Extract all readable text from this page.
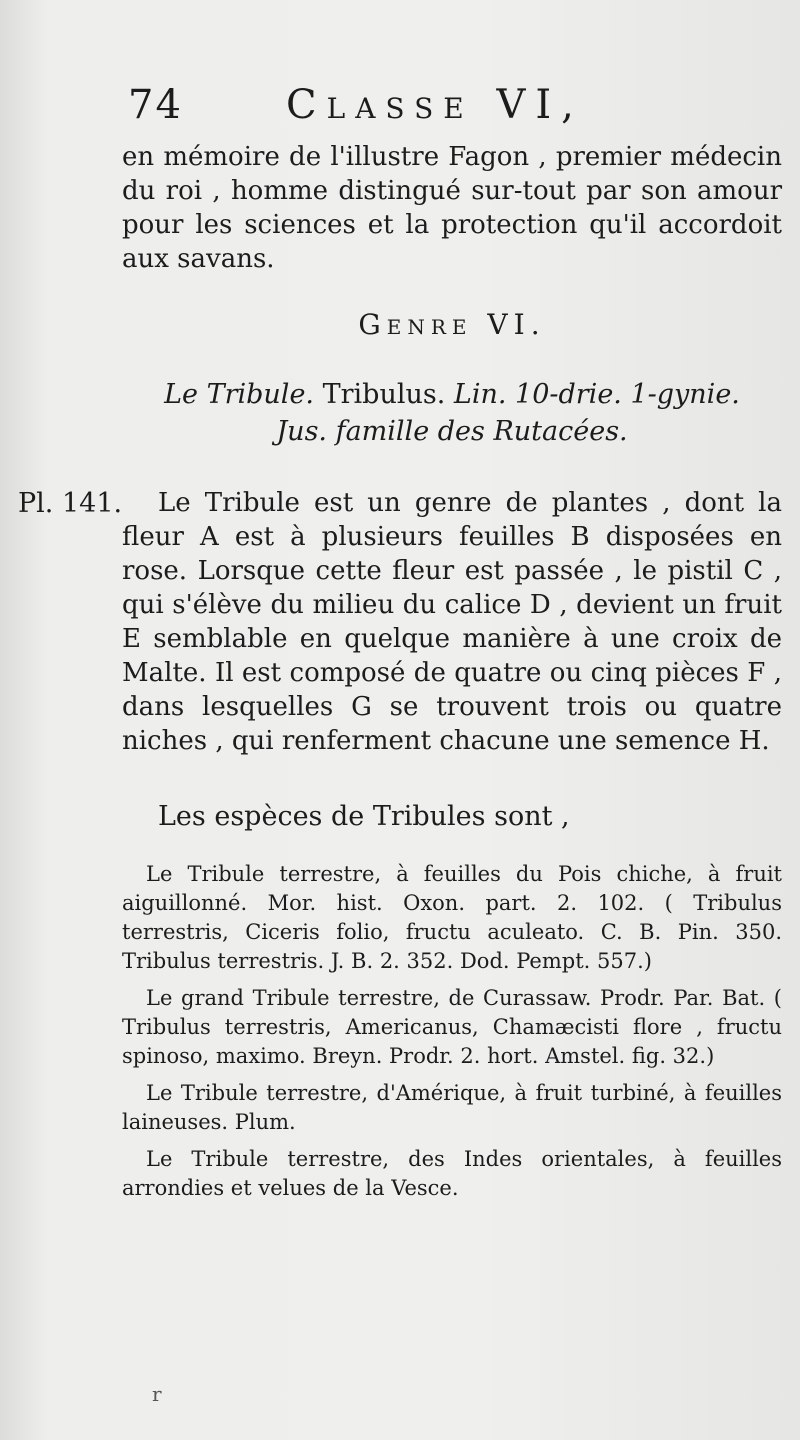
74	Classe VI,

en mémoire de l'illustre Fagon , premier médecin du roi , homme distingué sur-tout par son amour pour les sciences et la protection qu'il accordoit aux savans.

Genre VI.
Le Tribule. Tribulus. Lin. 10-drie. 1-gynie.
Jus. famille des Rutacées.
Pl. 141.	Le Tribule est un genre de plantes , dont la fleur A est à plusieurs feuilles B disposées en rose. Lorsque cette fleur est passée , le pistil C , qui s'élève du milieu du calice D , devient un fruit E semblable en quelque manière à une croix de Malte. Il est composé de quatre ou cinq pièces F , dans lesquelles G se trouvent trois ou quatre niches , qui renferment chacune une semence H.

Les espèces de Tribules sont ,

Le Tribule terrestre, à feuilles du Pois chiche, à fruit aiguillonné. Mor. hist. Oxon. part. 2. 102. ( Tribulus terrestris, Ciceris folio, fructu aculeato. C. B. Pin. 350. Tribulus terrestris. J. B. 2. 352. Dod. Pempt. 557.)

Le grand Tribule terrestre, de Curassaw. Prodr. Par. Bat. ( Tribulus terrestris, Americanus, Chamæcisti flore , fructu spinoso, maximo. Breyn. Prodr. 2. hort. Amstel. fig. 32.)

Le Tribule terrestre, d'Amérique, à fruit turbiné, à feuilles laineuses. Plum.

Le Tribule terrestre, des Indes orientales, à feuilles arrondies et velues de la Vesce.

r
